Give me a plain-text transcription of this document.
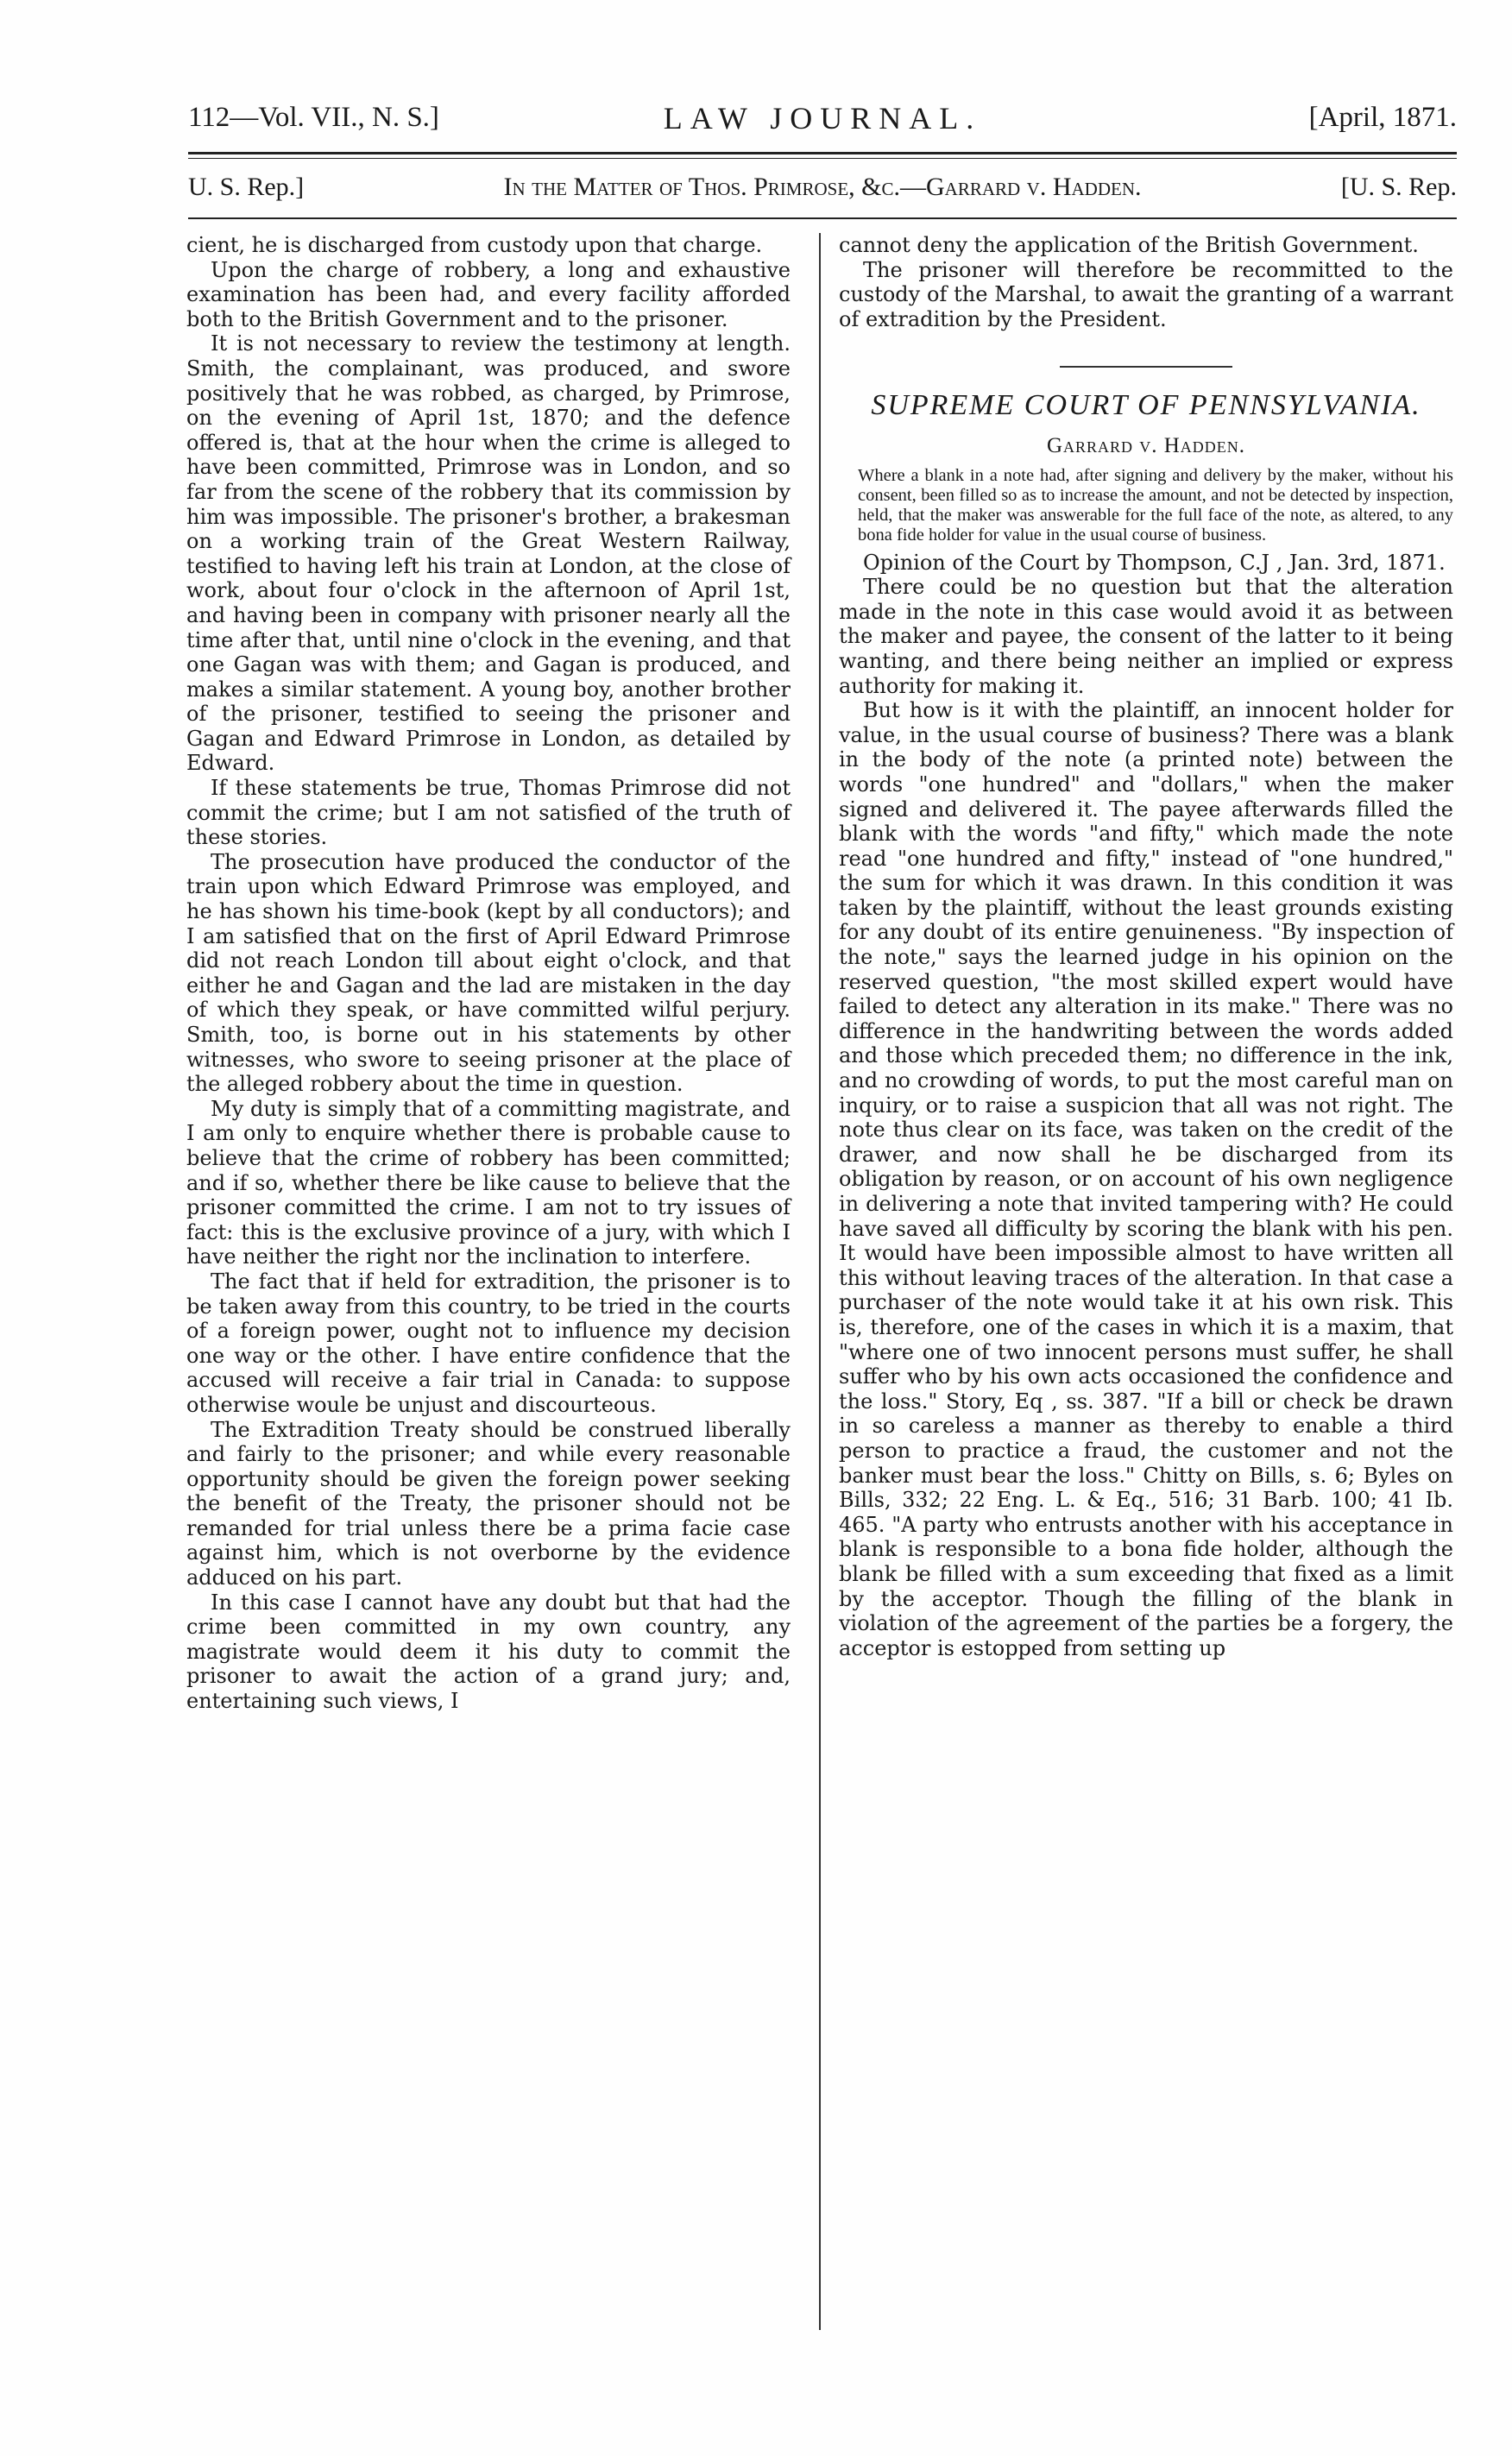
112—Vol. VII., N. S.]	LAW JOURNAL.	[April, 1871.
U. S. Rep.]	In the Matter of Thos. Primrose, &c.—Garrard v. Hadden.	[U. S. Rep.

cient, he is discharged from custody upon that charge.

Upon the charge of robbery, a long and exhaustive examination has been had, and every facility afforded both to the British Government and to the prisoner.

It is not necessary to review the testimony at length. Smith, the complainant, was produced, and swore positively that he was robbed, as charged, by Primrose, on the evening of April 1st, 1870; and the defence offered is, that at the hour when the crime is alleged to have been committed, Primrose was in London, and so far from the scene of the robbery that its commission by him was impossible. The prisoner's brother, a brakesman on a working train of the Great Western Railway, testified to having left his train at London, at the close of work, about four o'clock in the afternoon of April 1st, and having been in company with prisoner nearly all the time after that, until nine o'clock in the evening, and that one Gagan was with them; and Gagan is produced, and makes a similar statement. A young boy, another brother of the prisoner, testified to seeing the prisoner and Gagan and Edward Primrose in London, as detailed by Edward.

If these statements be true, Thomas Primrose did not commit the crime; but I am not satisfied of the truth of these stories.

The prosecution have produced the conductor of the train upon which Edward Primrose was employed, and he has shown his time-book (kept by all conductors); and I am satisfied that on the first of April Edward Primrose did not reach London till about eight o'clock, and that either he and Gagan and the lad are mistaken in the day of which they speak, or have committed wilful perjury. Smith, too, is borne out in his statements by other witnesses, who swore to seeing prisoner at the place of the alleged robbery about the time in question.

My duty is simply that of a committing magistrate, and I am only to enquire whether there is probable cause to believe that the crime of robbery has been committed; and if so, whether there be like cause to believe that the prisoner committed the crime. I am not to try issues of fact: this is the exclusive province of a jury, with which I have neither the right nor the inclination to interfere.

The fact that if held for extradition, the prisoner is to be taken away from this country, to be tried in the courts of a foreign power, ought not to influence my decision one way or the other. I have entire confidence that the accused will receive a fair trial in Canada: to suppose otherwise woule be unjust and discourteous.

The Extradition Treaty should be construed liberally and fairly to the prisoner; and while every reasonable opportunity should be given the foreign power seeking the benefit of the Treaty, the prisoner should not be remanded for trial unless there be a prima facie case against him, which is not overborne by the evidence adduced on his part.

In this case I cannot have any doubt but that had the crime been committed in my own country, any magistrate would deem it his duty to commit the prisoner to await the action of a grand jury; and, entertaining such views, I

cannot deny the application of the British Government.

The prisoner will therefore be recommitted to the custody of the Marshal, to await the granting of a warrant of extradition by the President.

SUPREME COURT OF PENNSYLVANIA.
Garrard v. Hadden.

Where a blank in a note had, after signing and delivery by the maker, without his consent, been filled so as to increase the amount, and not be detected by inspection, held, that the maker was answerable for the full face of the note, as altered, to any bona fide holder for value in the usual course of business.

Opinion of the Court by Thompson, C.J , Jan. 3rd, 1871.

There could be no question but that the alteration made in the note in this case would avoid it as between the maker and payee, the consent of the latter to it being wanting, and there being neither an implied or express authority for making it.

But how is it with the plaintiff, an innocent holder for value, in the usual course of business? There was a blank in the body of the note (a printed note) between the words "one hundred" and "dollars," when the maker signed and delivered it. The payee afterwards filled the blank with the words "and fifty," which made the note read "one hundred and fifty," instead of "one hundred," the sum for which it was drawn. In this condition it was taken by the plaintiff, without the least grounds existing for any doubt of its entire genuineness. "By inspection of the note," says the learned judge in his opinion on the reserved question, "the most skilled expert would have failed to detect any alteration in its make." There was no difference in the handwriting between the words added and those which preceded them; no difference in the ink, and no crowding of words, to put the most careful man on inquiry, or to raise a suspicion that all was not right. The note thus clear on its face, was taken on the credit of the drawer, and now shall he be discharged from its obligation by reason, or on account of his own negligence in delivering a note that invited tampering with? He could have saved all difficulty by scoring the blank with his pen. It would have been impossible almost to have written all this without leaving traces of the alteration. In that case a purchaser of the note would take it at his own risk. This is, therefore, one of the cases in which it is a maxim, that "where one of two innocent persons must suffer, he shall suffer who by his own acts occasioned the confidence and the loss." Story, Eq , ss. 387. "If a bill or check be drawn in so careless a manner as thereby to enable a third person to practice a fraud, the customer and not the banker must bear the loss." Chitty on Bills, s. 6; Byles on Bills, 332; 22 Eng. L. & Eq., 516; 31 Barb. 100; 41 Ib. 465. "A party who entrusts another with his acceptance in blank is responsible to a bona fide holder, although the blank be filled with a sum exceeding that fixed as a limit by the acceptor. Though the filling of the blank in violation of the agreement of the parties be a forgery, the acceptor is estopped from setting up
